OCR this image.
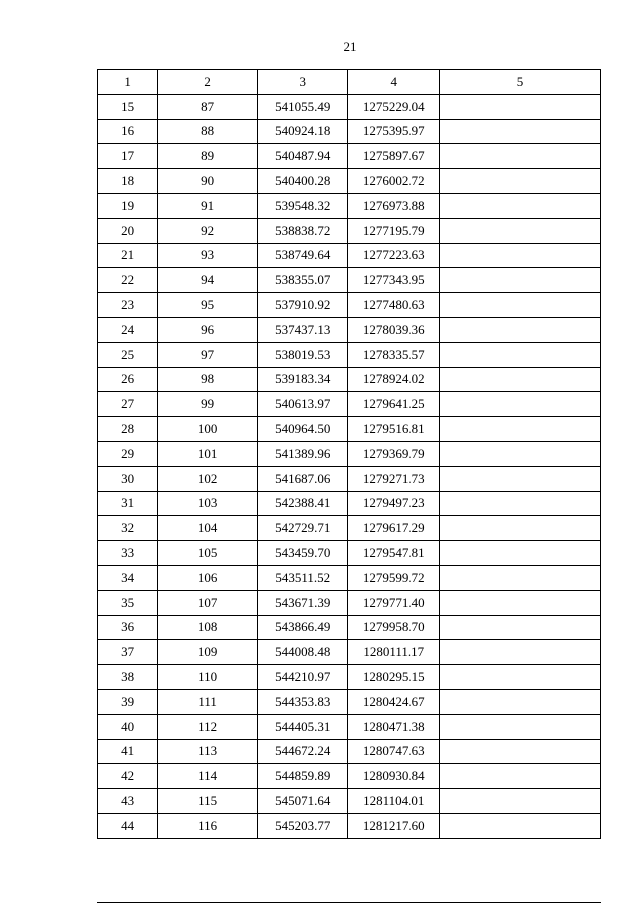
21
1	2	3	4	5
15	87	541055.49	1275229.04	
16	88	540924.18	1275395.97	
17	89	540487.94	1275897.67	
18	90	540400.28	1276002.72	
19	91	539548.32	1276973.88	
20	92	538838.72	1277195.79	
21	93	538749.64	1277223.63	
22	94	538355.07	1277343.95	
23	95	537910.92	1277480.63	
24	96	537437.13	1278039.36	
25	97	538019.53	1278335.57	
26	98	539183.34	1278924.02	
27	99	540613.97	1279641.25	
28	100	540964.50	1279516.81	
29	101	541389.96	1279369.79	
30	102	541687.06	1279271.73	
31	103	542388.41	1279497.23	
32	104	542729.71	1279617.29	
33	105	543459.70	1279547.81	
34	106	543511.52	1279599.72	
35	107	543671.39	1279771.40	
36	108	543866.49	1279958.70	
37	109	544008.48	1280111.17	
38	110	544210.97	1280295.15	
39	111	544353.83	1280424.67	
40	112	544405.31	1280471.38	
41	113	544672.24	1280747.63	
42	114	544859.89	1280930.84	
43	115	545071.64	1281104.01	
44	116	545203.77	1281217.60	
